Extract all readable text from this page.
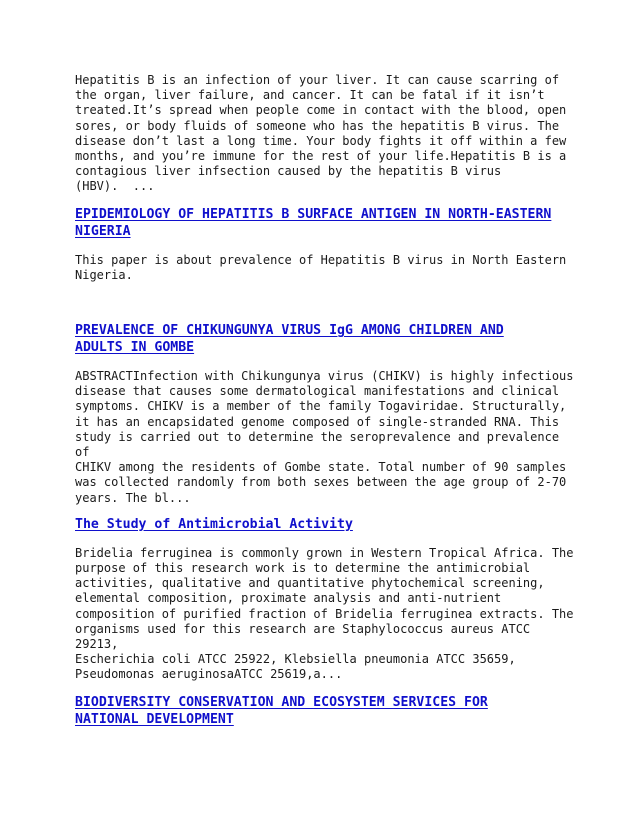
Hepatitis B is an infection of your liver. It can cause scarring of
the organ, liver failure, and cancer. It can be fatal if it isn’t
treated.It’s spread when people come in contact with the blood, open
sores, or body fluids of someone who has the hepatitis B virus. The
disease don’t last a long time. Your body fights it off within a few
months, and you’re immune for the rest of your life.Hepatitis B is a
contagious liver infsection caused by the hepatitis B virus
(HBV).  ...

EPIDEMIOLOGY OF HEPATITIS B SURFACE ANTIGEN IN NORTH-EASTERN
NIGERIA

This paper is about prevalence of Hepatitis B virus in North Eastern
Nigeria.

PREVALENCE OF CHIKUNGUNYA VIRUS IgG AMONG CHILDREN AND
ADULTS IN GOMBE

ABSTRACTInfection with Chikungunya virus (CHIKV) is highly infectious
disease that causes some dermatological manifestations and clinical
symptoms. CHIKV is a member of the family Togaviridae. Structurally,
it has an encapsidated genome composed of single-stranded RNA. This
study is carried out to determine the seroprevalence and prevalence of
CHIKV among the residents of Gombe state. Total number of 90 samples
was collected randomly from both sexes between the age group of 2-70
years. The bl...

The Study of Antimicrobial Activity

Bridelia ferruginea is commonly grown in Western Tropical Africa. The
purpose of this research work is to determine the antimicrobial
activities, qualitative and quantitative phytochemical screening,
elemental composition, proximate analysis and anti-nutrient
composition of purified fraction of Bridelia ferruginea extracts. The
organisms used for this research are Staphylococcus aureus ATCC 29213,
Escherichia coli ATCC 25922, Klebsiella pneumonia ATCC 35659,
Pseudomonas aeruginosaATCC 25619,a...

BIODIVERSITY CONSERVATION AND ECOSYSTEM SERVICES FOR
NATIONAL DEVELOPMENT
